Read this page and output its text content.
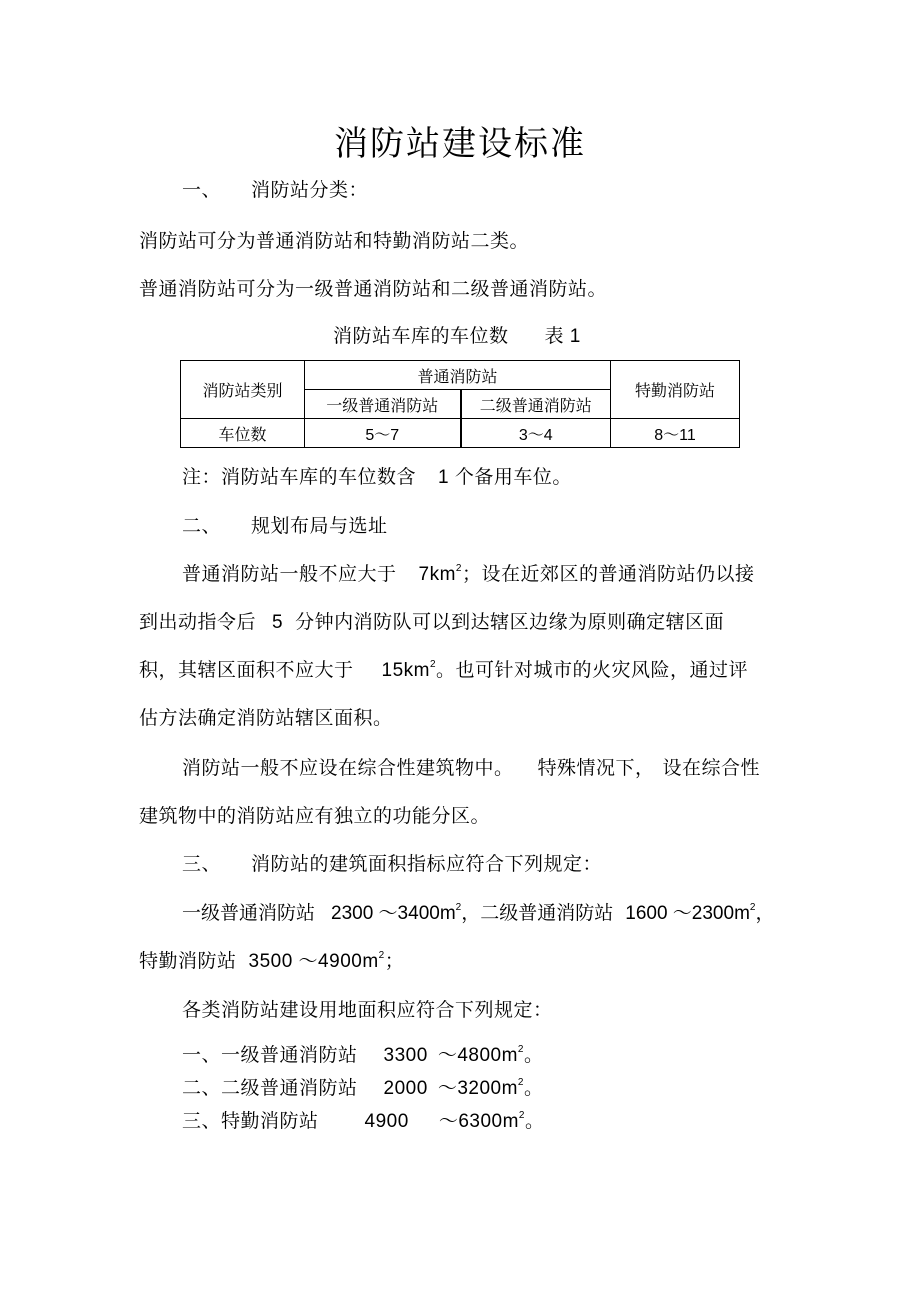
消防站建设标准
一、 消防站分类：
消防站可分为普通消防站和特勤消防站二类。
普通消防站可分为一级普通消防站和二级普通消防站。
消防站车库的车位数 表 1
消防站类别	普通消防站		特勤消防站
	一级普通消防站	二级普通消防站	
车位数	5～7	3～4	8～11
注：消防站车库的车位数含 1 个备用车位。
二、 规划布局与选址
普通消防站一般不应大于 $7km^2$；设在近郊区的普通消防站仍以接
到出动指令后 5 分钟内消防队可以到达辖区边缘为原则确定辖区面
积，其辖区面积不应大于 $15km^2$。也可针对城市的火灾风险，通过评
估方法确定消防站辖区面积。
消防站一般不应设在综合性建筑物中。 特殊情况下， 设在综合性
建筑物中的消防站应有独立的功能分区。
三、 消防站的建筑面积指标应符合下列规定：
一级普通消防站 2300 $\sim 3400m^2$，二级普通消防站 1600 $\sim 2300m^2$，
特勤消防站 3500 $\sim 4900m^2$；
各类消防站建设用地面积应符合下列规定：
一、一级普通消防站 3300 $\sim 4800m^2$。
二、二级普通消防站 2000 $\sim 3200m^2$。
三、特勤消防站 4900 $\sim 6300m^2$。
